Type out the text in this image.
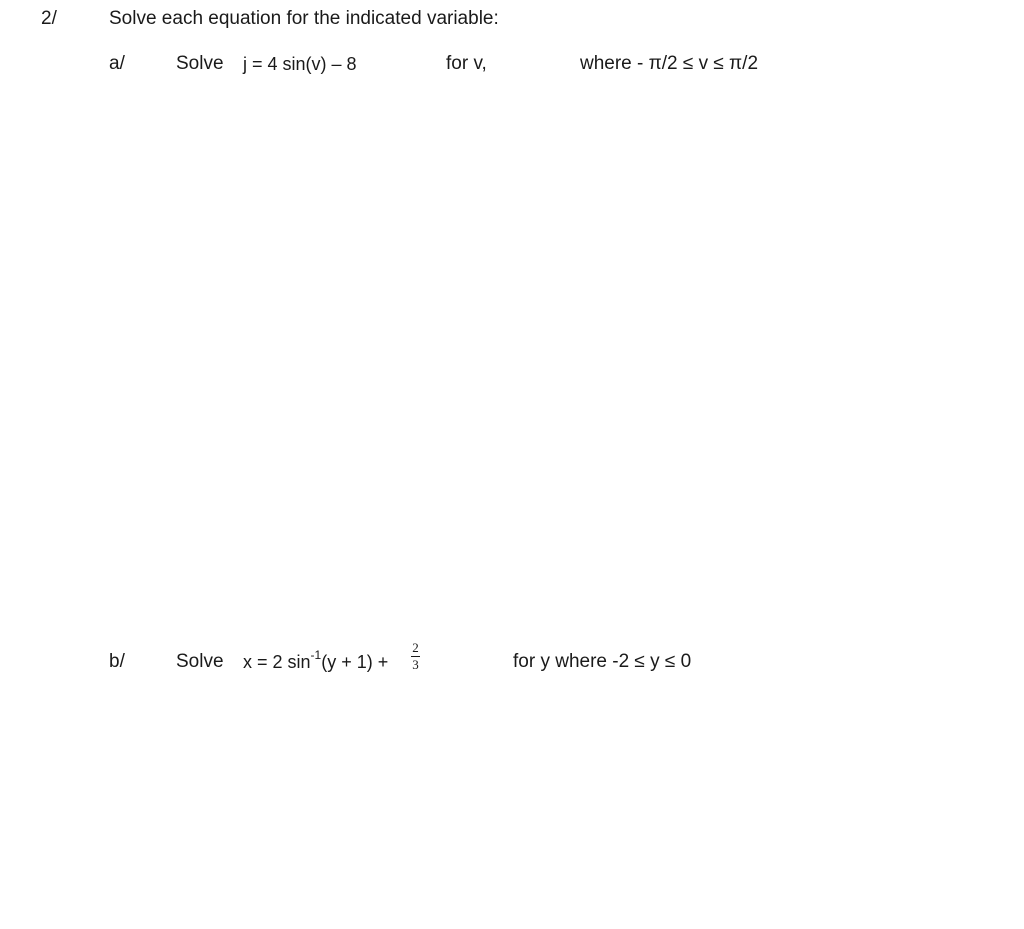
2/	Solve each equation for the indicated variable:
a/	Solve j = 4 sin(v) – 8	for v,	where - π/2 ≤ v ≤ π/2
b/	Solve x = 2 $\sin^{-1}(y + 1)$ +
2
3	for y where -2 ≤ y ≤ 0
